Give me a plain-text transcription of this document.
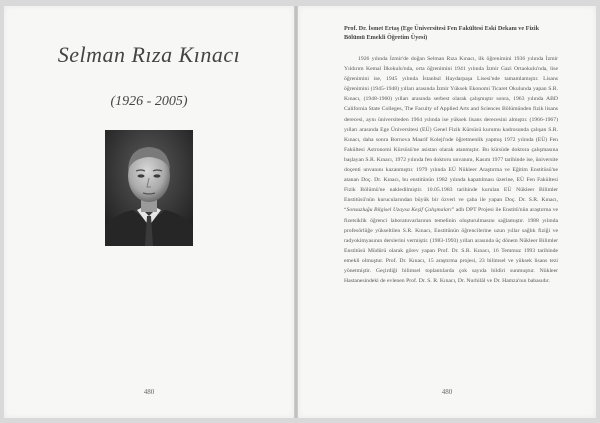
Selman Rıza Kınacı
(1926 - 2005)
480
Prof. Dr. İsmet Ertaş (Ege Üniversitesi Fen Fakültesi Eski Dekanı ve Fizik Bölümü Emekli Öğretim Üyesi)

1926 yılında İzmir'de doğan Selman Rıza Kınacı, ilk öğrenimini 1936 yılında İzmir Yıldırım Kemal İlkokulu'nda, orta öğrenimini 1941 yılında İzmir Gazi Ortaokulu'nda, lise öğrenimini ise, 1945 yılında İstanbul Haydarpaşa Lisesi'nde tamamlamıştır. Lisans öğrenimini (1945-1948) yılları arasında İzmir Yüksek Ekonomi Ticaret Okulunda yapan S.R. Kınacı, (1948-1960) yılları arasında serbest olarak çalışmıştır sonra, 1963 yılında ABD California State Colleges, The Faculty of Applied Arts and Sciences Bölümünden fizik lisans derecesi, aynı üniversiteden 1964 yılında ise yüksek lisans derecesini almıştır. (1966-1967) yılları arasında Ege Üniversitesi (EÜ) Genel Fizik Kürsüsü kurumu kadrosunda çalışan S.R. Kınacı, daha sonra Bornova Maarif Koleji'nde öğretmenlik yapmış 1972 yılında (EÜ) Fen Fakültesi Astronomi Kürsüsü'ne asistan olarak atanmıştır. Bu kürsüde doktora çalışmasına başlayan S.R. Kınacı, 1972 yılında fen doktoru unvanını, Kasım 1977 tarihinde ise, üniversite doçenti unvanını kazanmıştır. 1979 yılında EÜ Nükleer Araştırma ve Eğitim Enstitüsü'ne atanan Doç. Dr. Kınacı, bu enstitünün 1982 yılında kapatılması üzerine, EÜ Fen Fakültesi Fizik Bölümü'ne nakledilmiştir. 10.05.1983 tarihinde kurulan EÜ Nükleer Bilimler Enstitüsü'nün kurucularından büyük bir özveri ve çaba ile yapan Doç. Dr. S.R. Kınacı, “Sonsuzluğu Bilgisel Uzaysa Keşif Çalışmaları” adlı DPT Projesi ile Enstitü'nün araştırma ve fizetsiklik öğrenci laboratuvarlarının temelinin oluşturulmasını sağlamıştır. 1988 yılında profesörlüğe yükseltilen S.R. Kınacı, Enstitünün öğrencilerine uzun yıllar sağlık fiziği ve radyokimyasının derslerini vermiştir. (1983-1993) yılları arasında üç dönem Nükleer Bilimler Enstitüsü Müdürü olarak görev yapan Prof. Dr. S.R. Kınacı, 16 Temmuz 1993 tarihinde emekli olmuştur. Prof. Dr. Kınacı, 15 araştırma projesi, 23 bilimsel ve yüksek lisans tezi yönetmiştir. Geçirdiği bilimsel toplantılarda çok sayıda bildiri sunmuştur. Nükleer Hastanesindeki de evlenen Prof. Dr. S. R. Kınacı, Dr. Nurhilâl ve Dr. Hamza'nın babasıdır.

480
